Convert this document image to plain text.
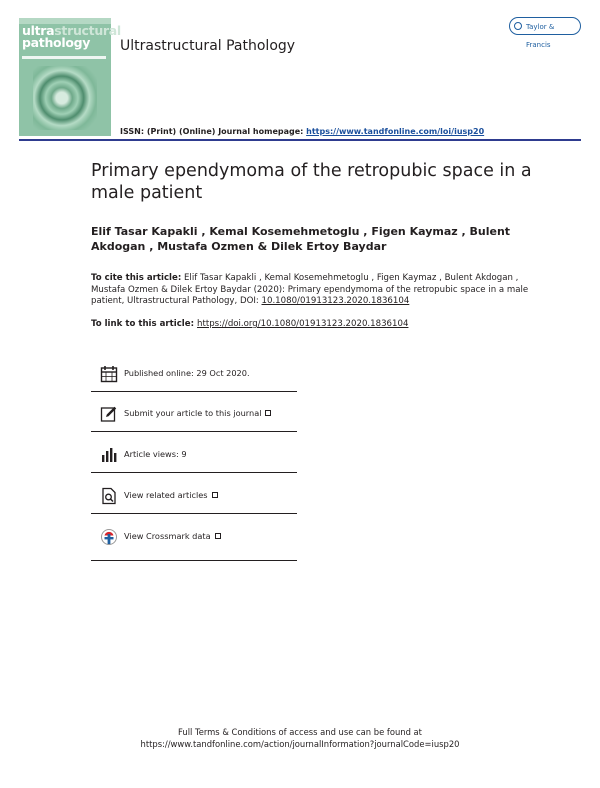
ultrastructural
pathology	Ultrastructural Pathology
Taylor & Francis
ISSN: (Print) (Online) Journal homepage: https://www.tandfonline.com/loi/iusp20
Primary ependymoma of the retropubic space in a male patient
Elif Tasar Kapakli , Kemal Kosemehmetoglu , Figen Kaymaz , Bulent Akdogan , Mustafa Ozmen & Dilek Ertoy Baydar
To cite this article: Elif Tasar Kapakli , Kemal Kosemehmetoglu , Figen Kaymaz , Bulent Akdogan , Mustafa Ozmen & Dilek Ertoy Baydar (2020): Primary ependymoma of the retropubic space in a male patient, Ultrastructural Pathology, DOI: 10.1080/01913123.2020.1836104
To link to this article: https://doi.org/10.1080/01913123.2020.1836104
Published online: 29 Oct 2020.
Submit your article to this journal
Article views: 9
View related articles
View Crossmark data
Full Terms & Conditions of access and use can be found at
https://www.tandfonline.com/action/journalInformation?journalCode=iusp20
